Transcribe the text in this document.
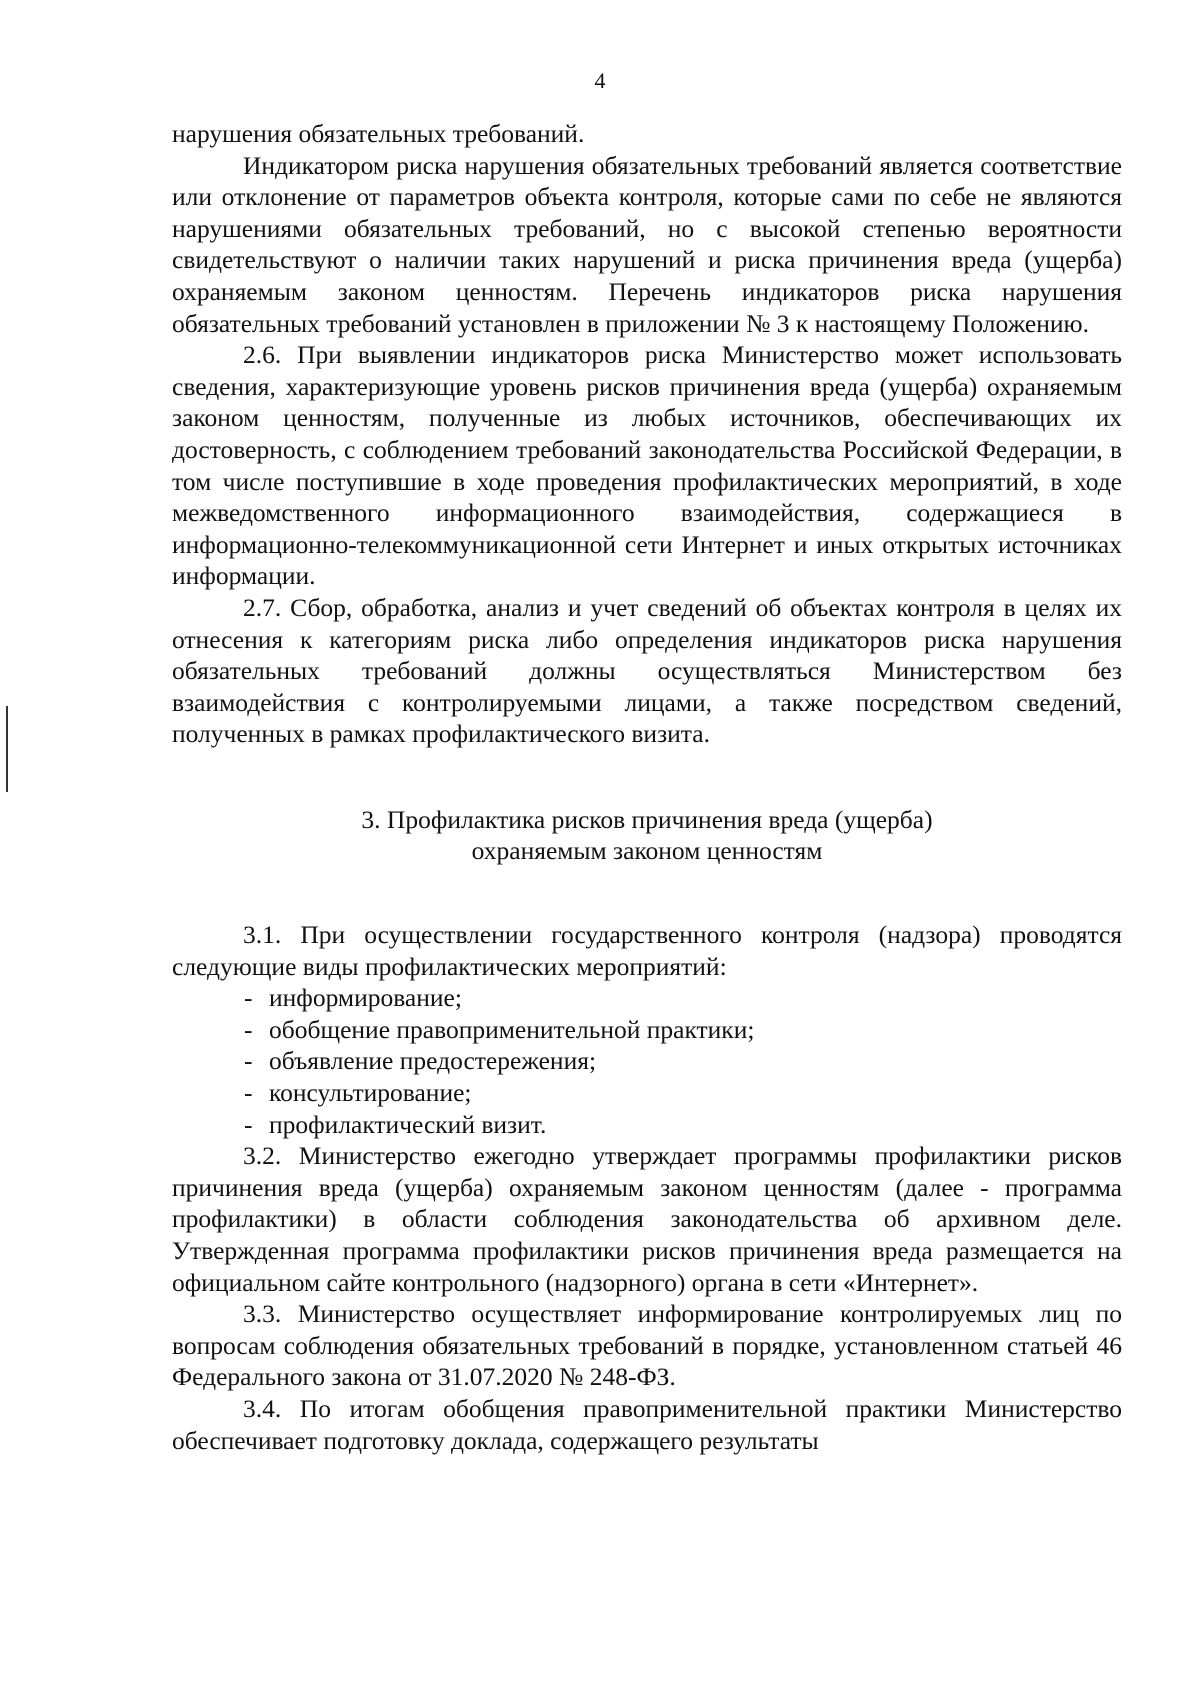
4

нарушения обязательных требований.

Индикатором риска нарушения обязательных требований является соответствие или отклонение от параметров объекта контроля, которые сами по себе не являются нарушениями обязательных требований, но с высокой степенью вероятности свидетельствуют о наличии таких нарушений и риска причинения вреда (ущерба) охраняемым законом ценностям. Перечень индикаторов риска нарушения обязательных требований установлен в приложении № 3 к настоящему Положению.

2.6. При выявлении индикаторов риска Министерство может использовать сведения, характеризующие уровень рисков причинения вреда (ущерба) охраняемым законом ценностям, полученные из любых источников, обеспечивающих их достоверность, с соблюдением требований законодательства Российской Федерации, в том числе поступившие в ходе проведения профилактических мероприятий, в ходе межведомственного информационного взаимодействия, содержащиеся в информационно-телекоммуникационной сети Интернет и иных открытых источниках информации.

2.7. Сбор, обработка, анализ и учет сведений об объектах контроля в целях их отнесения к категориям риска либо определения индикаторов риска нарушения обязательных требований должны осуществляться Министерством без взаимодействия с контролируемыми лицами, а также посредством сведений, полученных в рамках профилактического визита.

3. Профилактика рисков причинения вреда (ущерба)
охраняемым законом ценностям

3.1. При осуществлении государственного контроля (надзора) проводятся следующие виды профилактических мероприятий:

- информирование;
- обобщение правоприменительной практики;
- объявление предостережения;
- консультирование;
- профилактический визит.

3.2. Министерство ежегодно утверждает программы профилактики рисков причинения вреда (ущерба) охраняемым законом ценностям (далее - программа профилактики) в области соблюдения законодательства об архивном деле. Утвержденная программа профилактики рисков причинения вреда размещается на официальном сайте контрольного (надзорного) органа в сети «Интернет».

3.3. Министерство осуществляет информирование контролируемых лиц по вопросам соблюдения обязательных требований в порядке, установленном статьей 46 Федерального закона от 31.07.2020 № 248-ФЗ.

3.4. По итогам обобщения правоприменительной практики Министерство обеспечивает подготовку доклада, содержащего результаты
